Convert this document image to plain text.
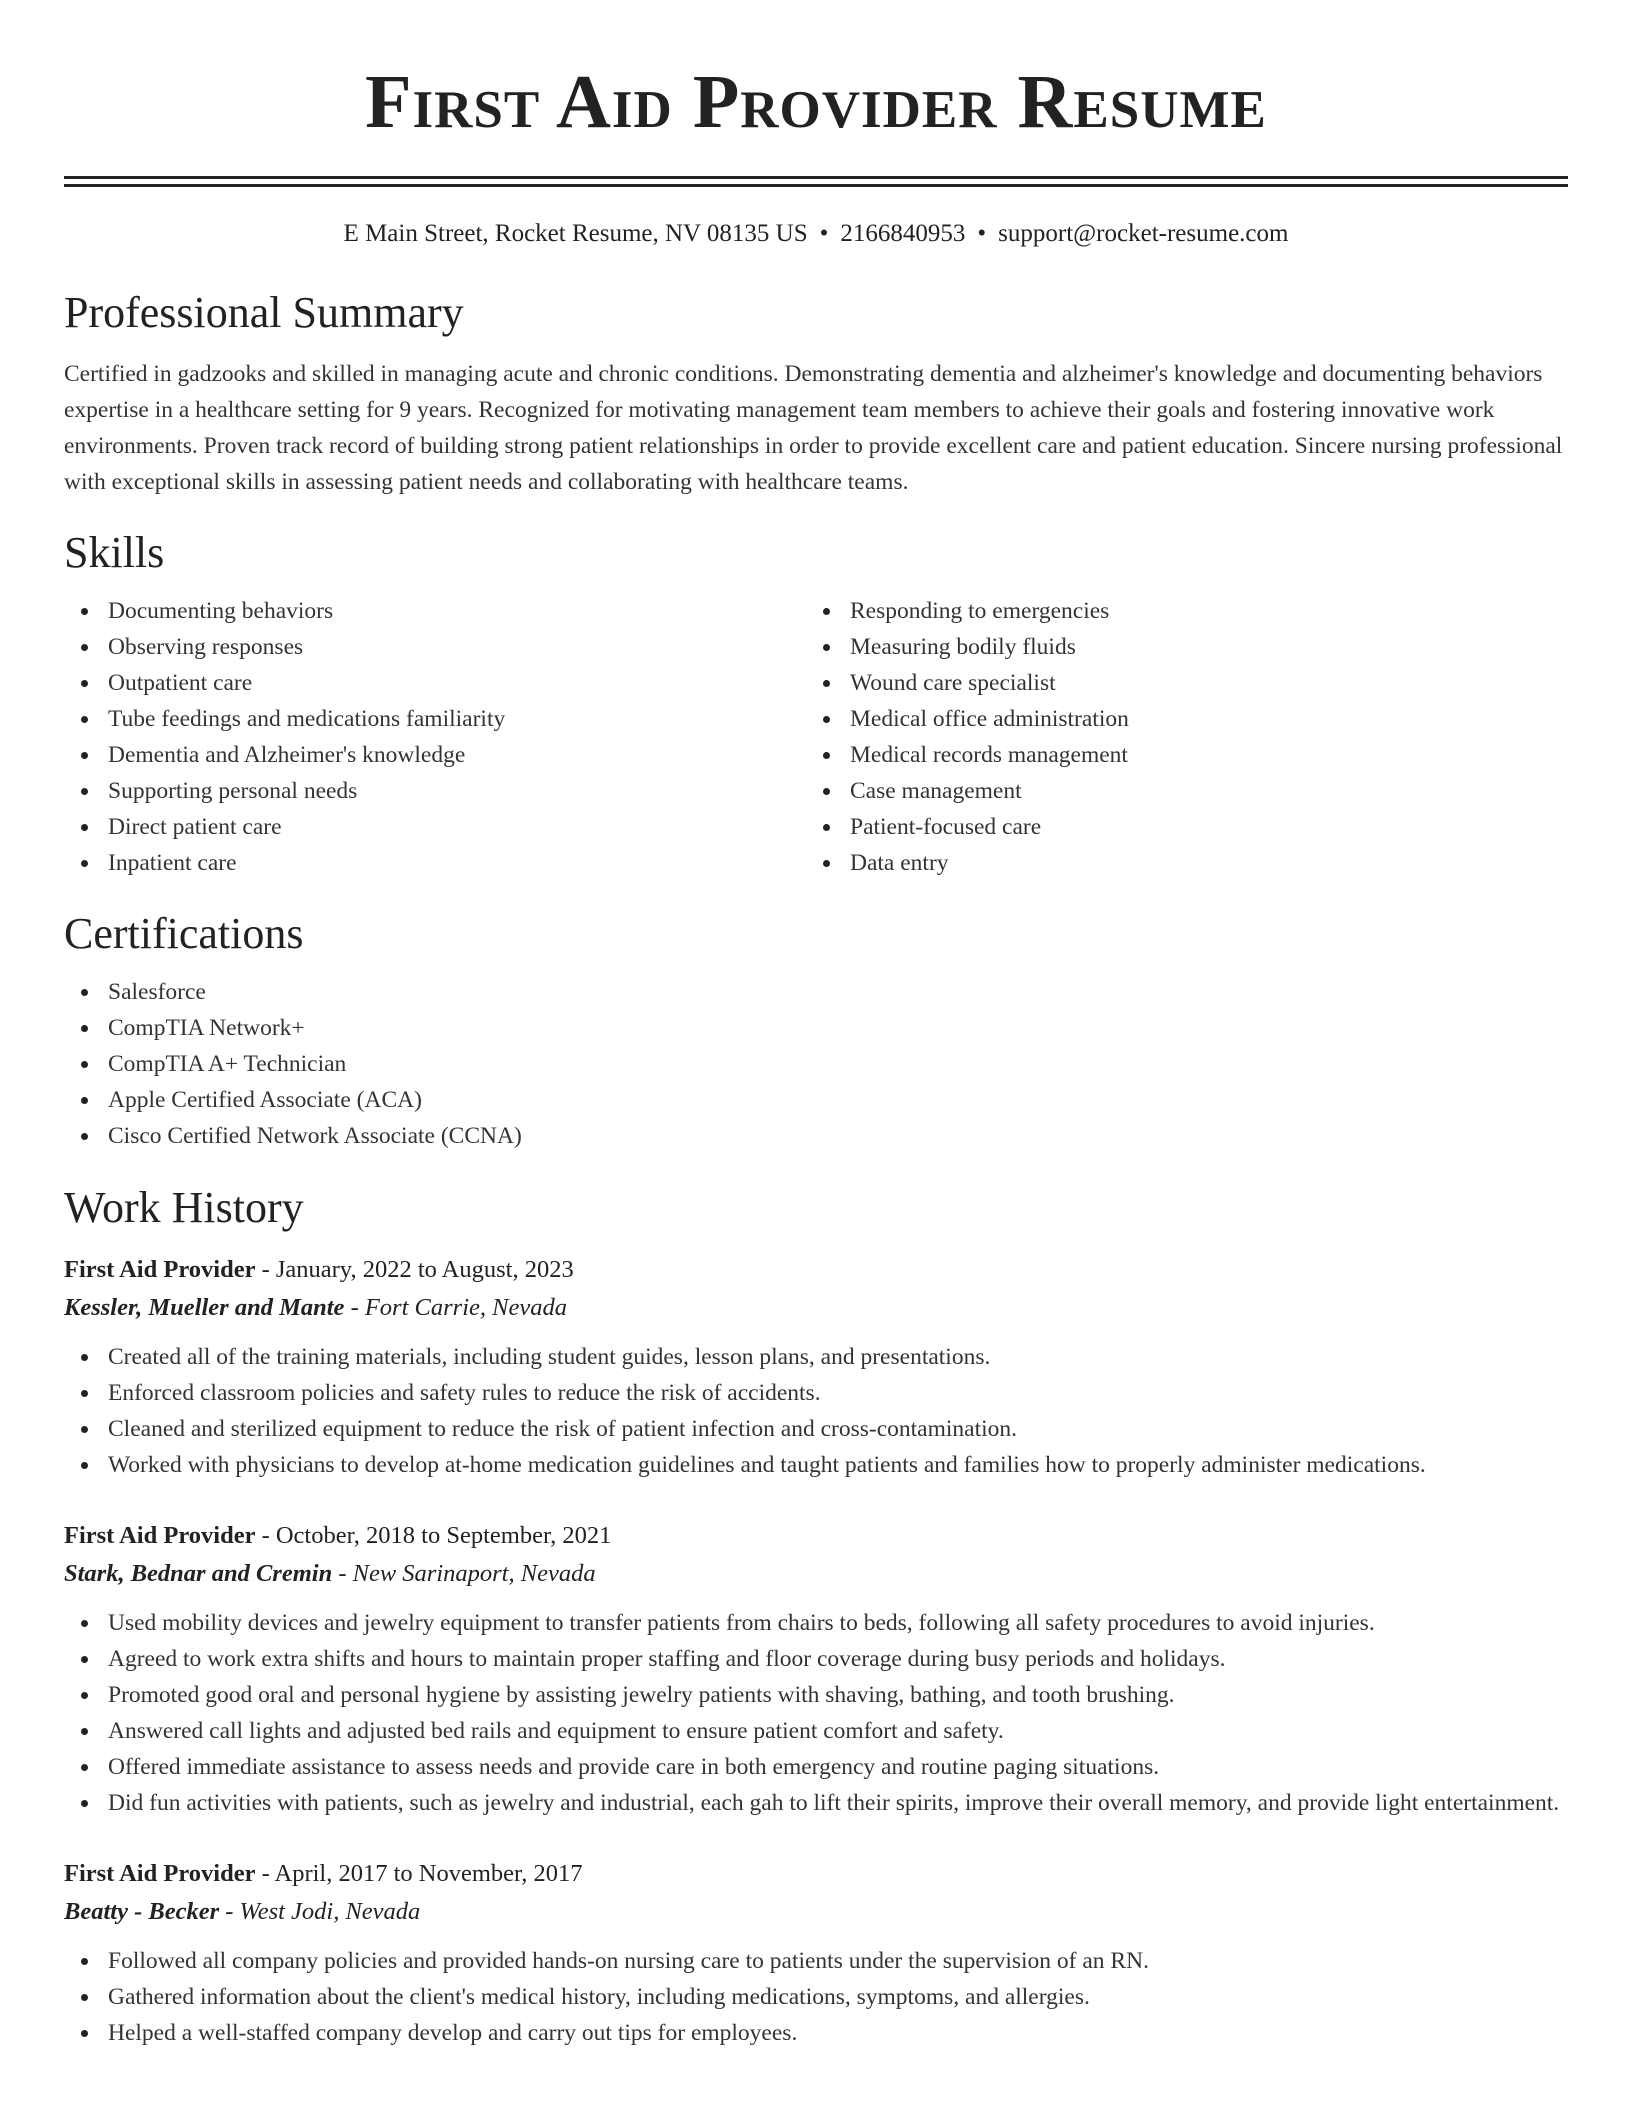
First Aid Provider Resume
E Main Street, Rocket Resume, NV 08135 US • 2166840953 • support@rocket-resume.com
Professional Summary

Certified in gadzooks and skilled in managing acute and chronic conditions. Demonstrating dementia and alzheimer's knowledge and documenting behaviors expertise in a healthcare setting for 9 years. Recognized for motivating management team members to achieve their goals and fostering innovative work environments. Proven track record of building strong patient relationships in order to provide excellent care and patient education. Sincere nursing professional with exceptional skills in assessing patient needs and collaborating with healthcare teams.

Skills
Documenting behaviors
Observing responses
Outpatient care
Tube feedings and medications familiarity
Dementia and Alzheimer's knowledge
Supporting personal needs
Direct patient care
Inpatient care
Responding to emergencies
Measuring bodily fluids
Wound care specialist
Medical office administration
Medical records management
Case management
Patient-focused care
Data entry
Certifications
Salesforce
CompTIA Network+
CompTIA A+ Technician
Apple Certified Associate (ACA)
Cisco Certified Network Associate (CCNA)
Work History
First Aid Provider - January, 2022 to August, 2023
Kessler, Mueller and Mante - Fort Carrie, Nevada
Created all of the training materials, including student guides, lesson plans, and presentations.
Enforced classroom policies and safety rules to reduce the risk of accidents.
Cleaned and sterilized equipment to reduce the risk of patient infection and cross-contamination.
Worked with physicians to develop at-home medication guidelines and taught patients and families how to properly administer medications.
First Aid Provider - October, 2018 to September, 2021
Stark, Bednar and Cremin - New Sarinaport, Nevada
Used mobility devices and jewelry equipment to transfer patients from chairs to beds, following all safety procedures to avoid injuries.
Agreed to work extra shifts and hours to maintain proper staffing and floor coverage during busy periods and holidays.
Promoted good oral and personal hygiene by assisting jewelry patients with shaving, bathing, and tooth brushing.
Answered call lights and adjusted bed rails and equipment to ensure patient comfort and safety.
Offered immediate assistance to assess needs and provide care in both emergency and routine paging situations.
Did fun activities with patients, such as jewelry and industrial, each gah to lift their spirits, improve their overall memory, and provide light entertainment.
First Aid Provider - April, 2017 to November, 2017
Beatty - Becker - West Jodi, Nevada
Followed all company policies and provided hands-on nursing care to patients under the supervision of an RN.
Gathered information about the client's medical history, including medications, symptoms, and allergies.
Helped a well-staffed company develop and carry out tips for employees.
